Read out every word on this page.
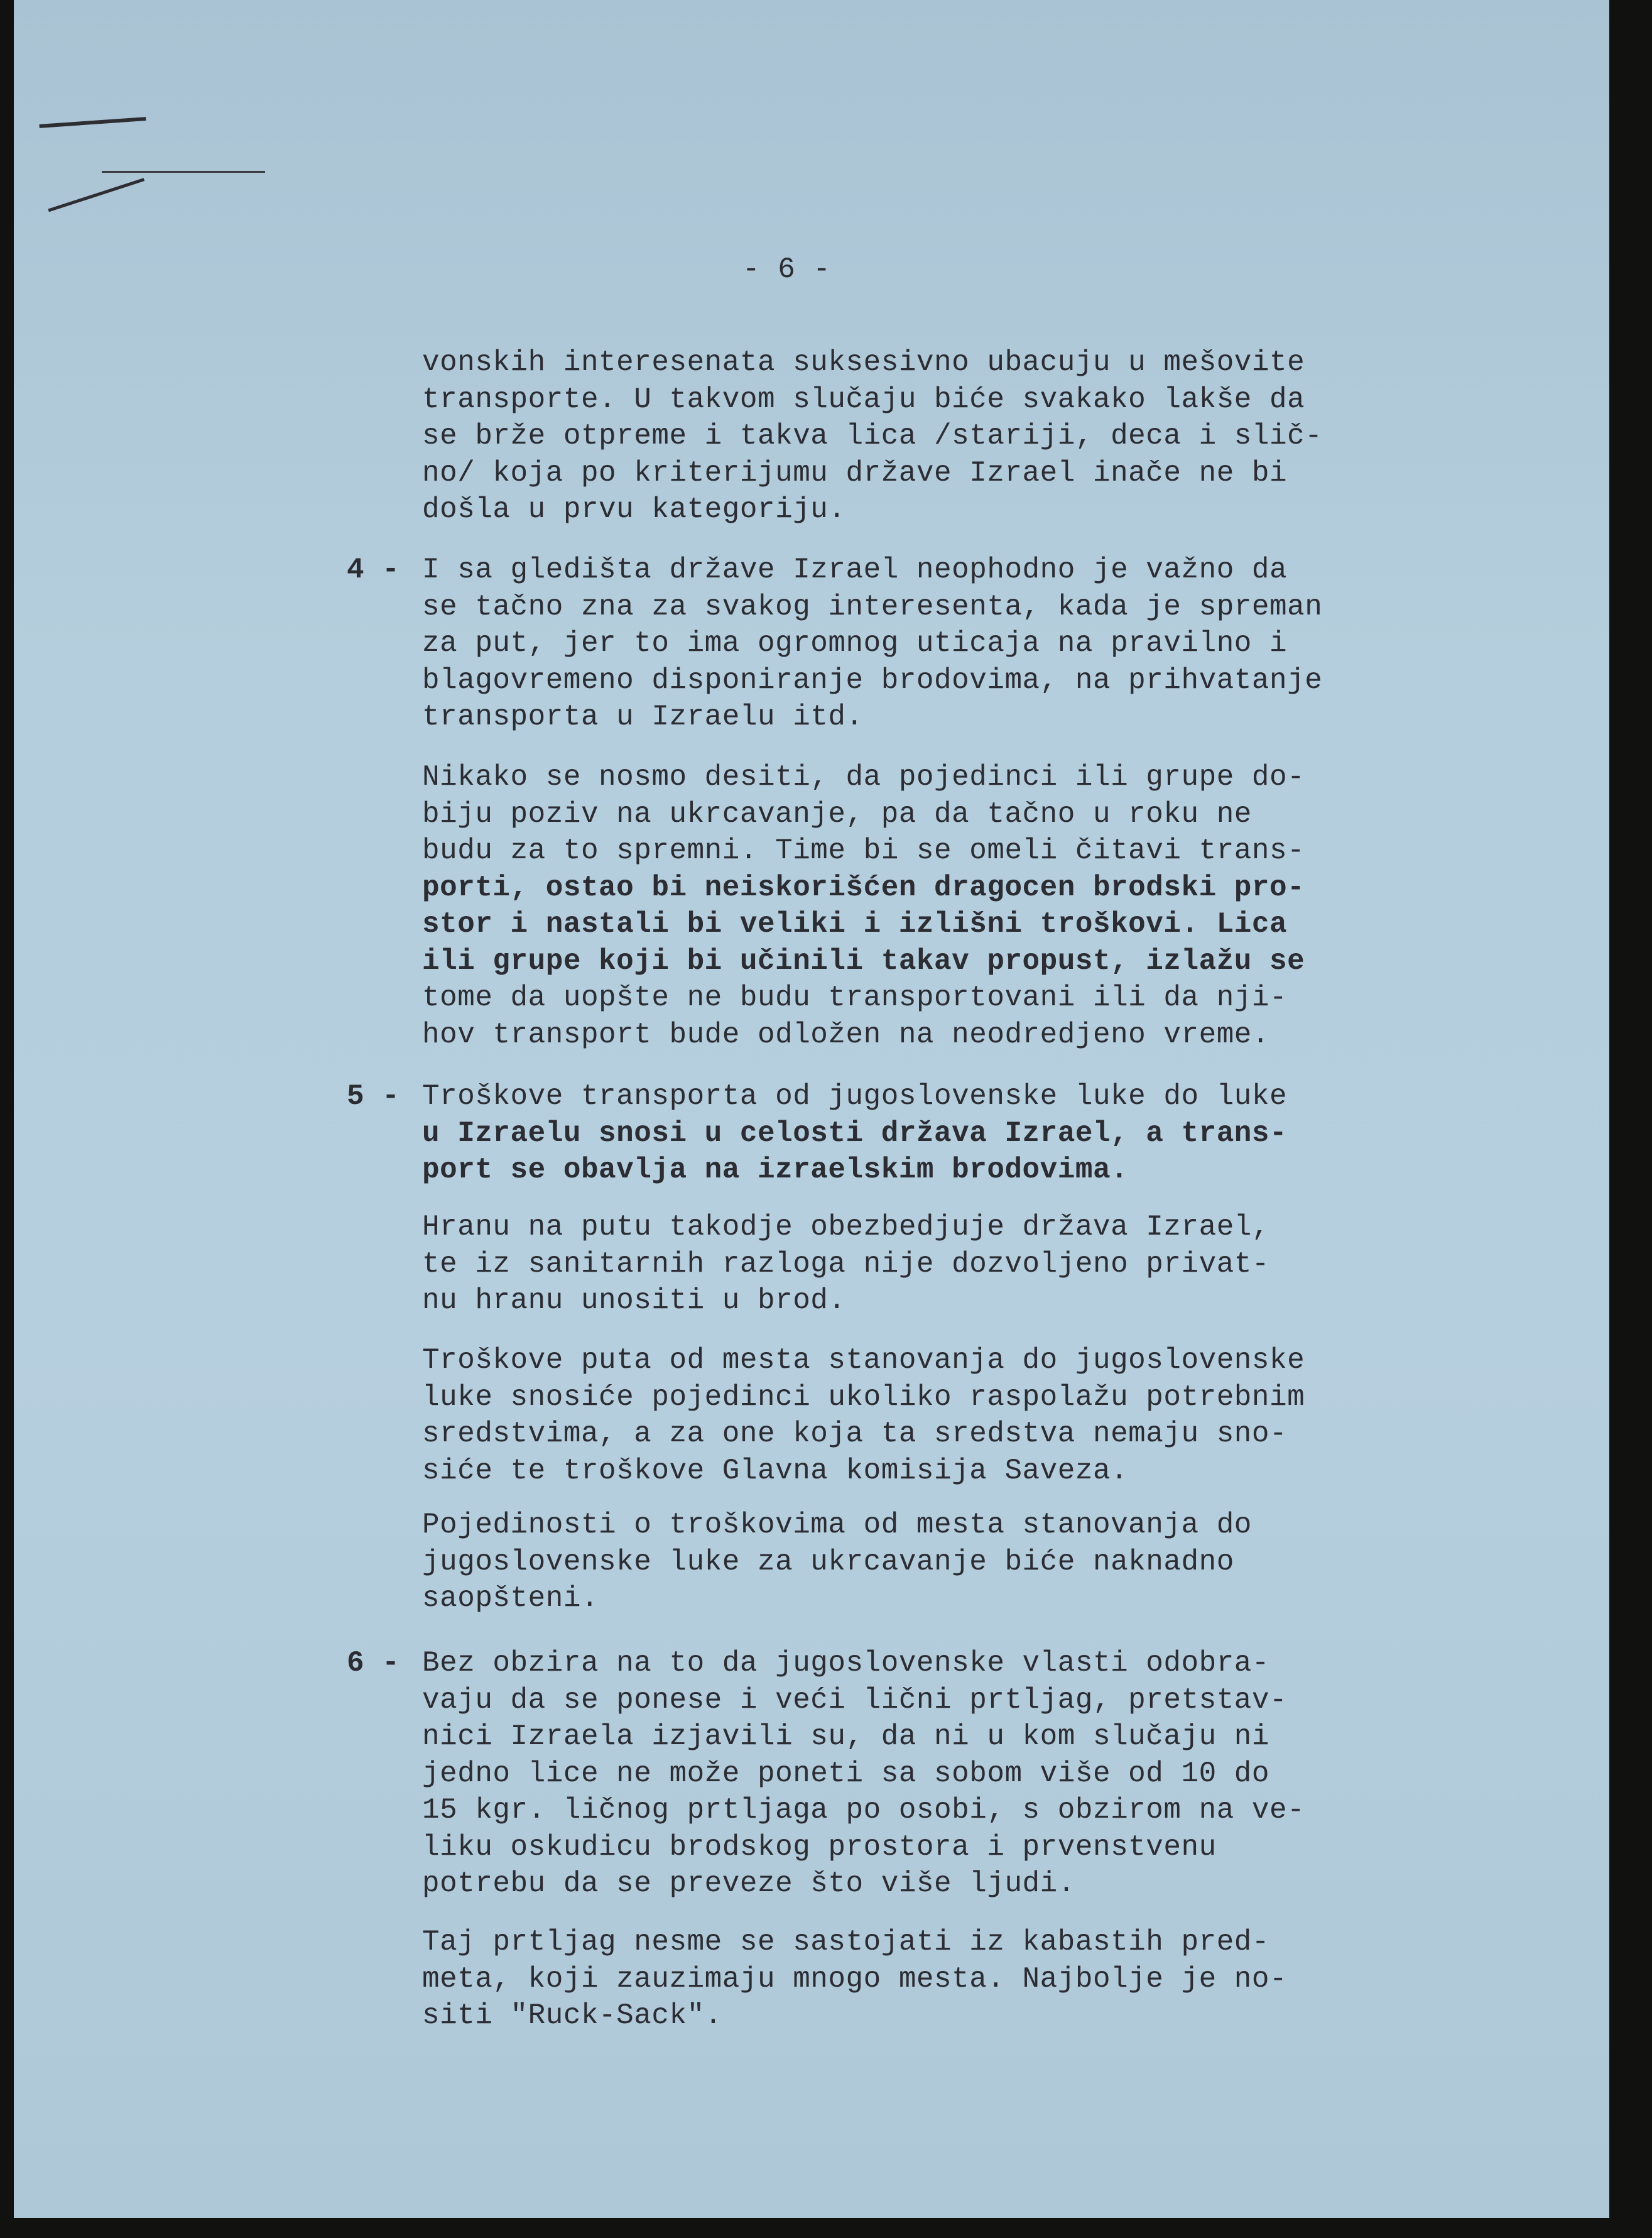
- 6 -

vonskih interesenata suksesivno ubacuju u mešovite

transporte. U takvom slučaju biće svakako lakše da

se brže otpreme i takva lica /stariji, deca i slič-

no/ koja po kriterijumu države Izrael inače ne bi

došla u prvu kategoriju.

4 - I sa gledišta države Izrael neophodno je važno da

se tačno zna za svakog interesenta, kada je spreman

za put, jer to ima ogromnog uticaja na pravilno i

blagovremeno disponiranje brodovima, na prihvatanje

transporta u Izraelu itd.

Nikako se nosmo desiti, da pojedinci ili grupe do-

biju poziv na ukrcavanje, pa da tačno u roku ne

budu za to spremni. Time bi se omeli čitavi trans-

porti, ostao bi neiskorišćen dragocen brodski pro-

stor i nastali bi veliki i izlišni troškovi. Lica

ili grupe koji bi učinili takav propust, izlažu se

tome da uopšte ne budu transportovani ili da nji-

hov transport bude odložen na neodredjeno vreme.

5 - Troškove transporta od jugoslovenske luke do luke

u Izraelu snosi u celosti država Izrael, a trans-

port se obavlja na izraelskim brodovima.

Hranu na putu takodje obezbedjuje država Izrael,

te iz sanitarnih razloga nije dozvoljeno privat-

nu hranu unositi u brod.

Troškove puta od mesta stanovanja do jugoslovenske

luke snosiće pojedinci ukoliko raspolažu potrebnim

sredstvima, a za one koja ta sredstva nemaju sno-

siće te troškove Glavna komisija Saveza.

Pojedinosti o troškovima od mesta stanovanja do

jugoslovenske luke za ukrcavanje biće naknadno

saopšteni.

6 - Bez obzira na to da jugoslovenske vlasti odobra-

vaju da se ponese i veći lični prtljag, pretstav-

nici Izraela izjavili su, da ni u kom slučaju ni

jedno lice ne može poneti sa sobom više od 10 do

15 kgr. ličnog prtljaga po osobi, s obzirom na ve-

liku oskudicu brodskog prostora i prvenstvenu

potrebu da se preveze što više ljudi.

Taj prtljag nesme se sastojati iz kabastih pred-

meta, koji zauzimaju mnogo mesta. Najbolje je no-

siti "Ruck-Sack".
